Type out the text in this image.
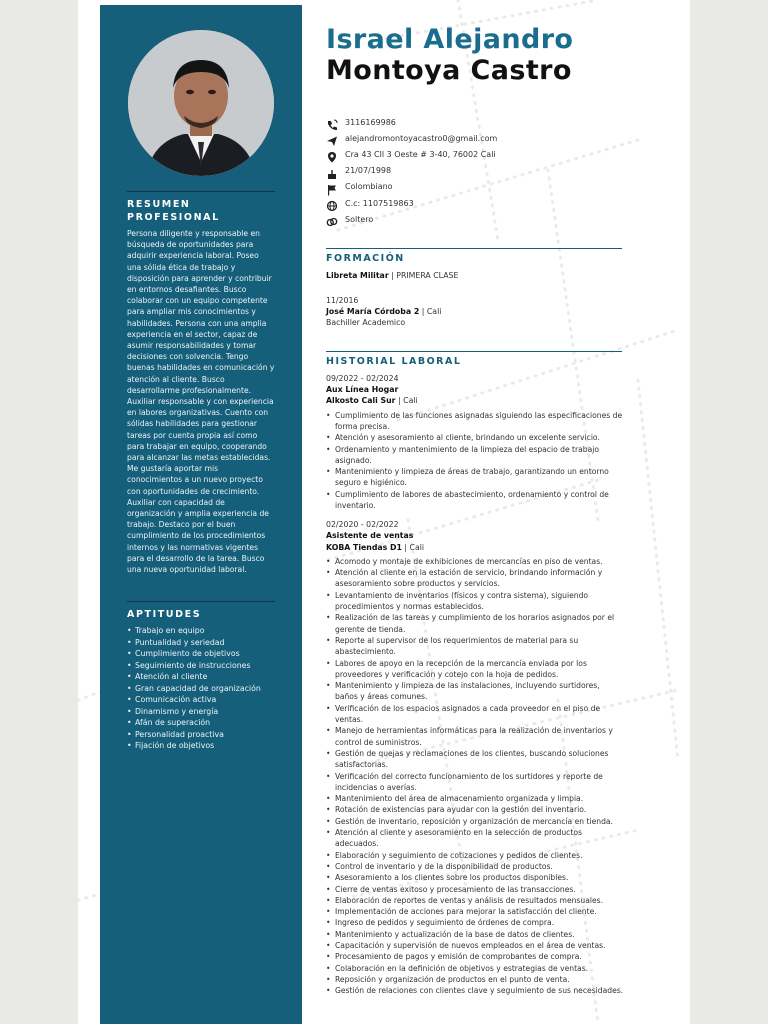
RESUMEN PROFESIONAL

Persona diligente y responsable en búsqueda de oportunidades para adquirir experiencia laboral. Poseo una sólida ética de trabajo y disposición para aprender y contribuir en entornos desafiantes. Busco colaborar con un equipo competente para ampliar mis conocimientos y habilidades. Persona con una amplia experiencia en el sector, capaz de asumir responsabilidades y tomar decisiones con solvencia. Tengo buenas habilidades en comunicación y atención al cliente. Busco desarrollarme profesionalmente. Auxiliar responsable y con experiencia en labores organizativas. Cuento con sólidas habilidades para gestionar tareas por cuenta propia así como para trabajar en equipo, cooperando para alcanzar las metas establecidas. Me gustaría aportar mis conocimientos a un nuevo proyecto con oportunidades de crecimiento. Auxiliar con capacidad de organización y amplia experiencia de trabajo. Destaco por el buen cumplimiento de los procedimientos internos y las normativas vigentes para el desarrollo de la tarea. Busco una nueva oportunidad laboral.

APTITUDES
• Trabajo en equipo
• Puntualidad y seriedad
• Cumplimiento de objetivos
• Seguimiento de instrucciones
• Atención al cliente
• Gran capacidad de organización
• Comunicación activa
• Dinamismo y energía
• Afán de superación
• Personalidad proactiva
• Fijación de objetivos
Israel Alejandro
Montoya Castro
3116169986
alejandromontoyacastro0@gmail.com
Cra 43 Cll 3 Oeste # 3-40, 76002 Cali
21/07/1998
Colombiano
C.c: 1107519863
Soltero
FORMACIÓN
Libreta Militar | PRIMERA CLASE
11/2016
José María Córdoba 2 | Cali
Bachiller Academico
HISTORIAL LABORAL
09/2022 - 02/2024
Aux Línea Hogar
Alkosto Cali Sur | Cali
• Cumplimiento de las funciones asignadas siguiendo las especificaciones de forma precisa.
• Atención y asesoramiento al cliente, brindando un excelente servicio.
• Ordenamiento y mantenimiento de la limpieza del espacio de trabajo asignado.
• Mantenimiento y limpieza de áreas de trabajo, garantizando un entorno seguro e higiénico.
• Cumplimiento de labores de abastecimiento, ordenamiento y control de inventario.
02/2020 - 02/2022
Asistente de ventas
KOBA Tiendas D1 | Cali
• Acomodo y montaje de exhibiciones de mercancías en piso de ventas.
• Atención al cliente en la estación de servicio, brindando información y asesoramiento sobre productos y servicios.
• Levantamiento de inventarios (físicos y contra sistema), siguiendo procedimientos y normas establecidos.
• Realización de las tareas y cumplimiento de los horarios asignados por el gerente de tienda.
• Reporte al supervisor de los requerimientos de material para su abastecimiento.
• Labores de apoyo en la recepción de la mercancía enviada por los proveedores y verificación y cotejo con la hoja de pedidos.
• Mantenimiento y limpieza de las instalaciones, incluyendo surtidores, baños y áreas comunes.
• Verificación de los espacios asignados a cada proveedor en el piso de ventas.
• Manejo de herramientas informáticas para la realización de inventarios y control de suministros.
• Gestión de quejas y reclamaciones de los clientes, buscando soluciones satisfactorias.
• Verificación del correcto funcionamiento de los surtidores y reporte de incidencias o averías.
• Mantenimiento del área de almacenamiento organizada y limpia.
• Rotación de existencias para ayudar con la gestión del inventario.
• Gestión de inventario, reposición y organización de mercancía en tienda.
• Atención al cliente y asesoramiento en la selección de productos adecuados.
• Elaboración y seguimiento de cotizaciones y pedidos de clientes.
• Control de inventario y de la disponibilidad de productos.
• Asesoramiento a los clientes sobre los productos disponibles.
• Cierre de ventas exitoso y procesamiento de las transacciones.
• Elaboración de reportes de ventas y análisis de resultados mensuales.
• Implementación de acciones para mejorar la satisfacción del cliente.
• Ingreso de pedidos y seguimiento de órdenes de compra.
• Mantenimiento y actualización de la base de datos de clientes.
• Capacitación y supervisión de nuevos empleados en el área de ventas.
• Procesamiento de pagos y emisión de comprobantes de compra.
• Colaboración en la definición de objetivos y estrategias de ventas.
• Reposición y organización de productos en el punto de venta.
• Gestión de relaciones con clientes clave y seguimiento de sus necesidades.
